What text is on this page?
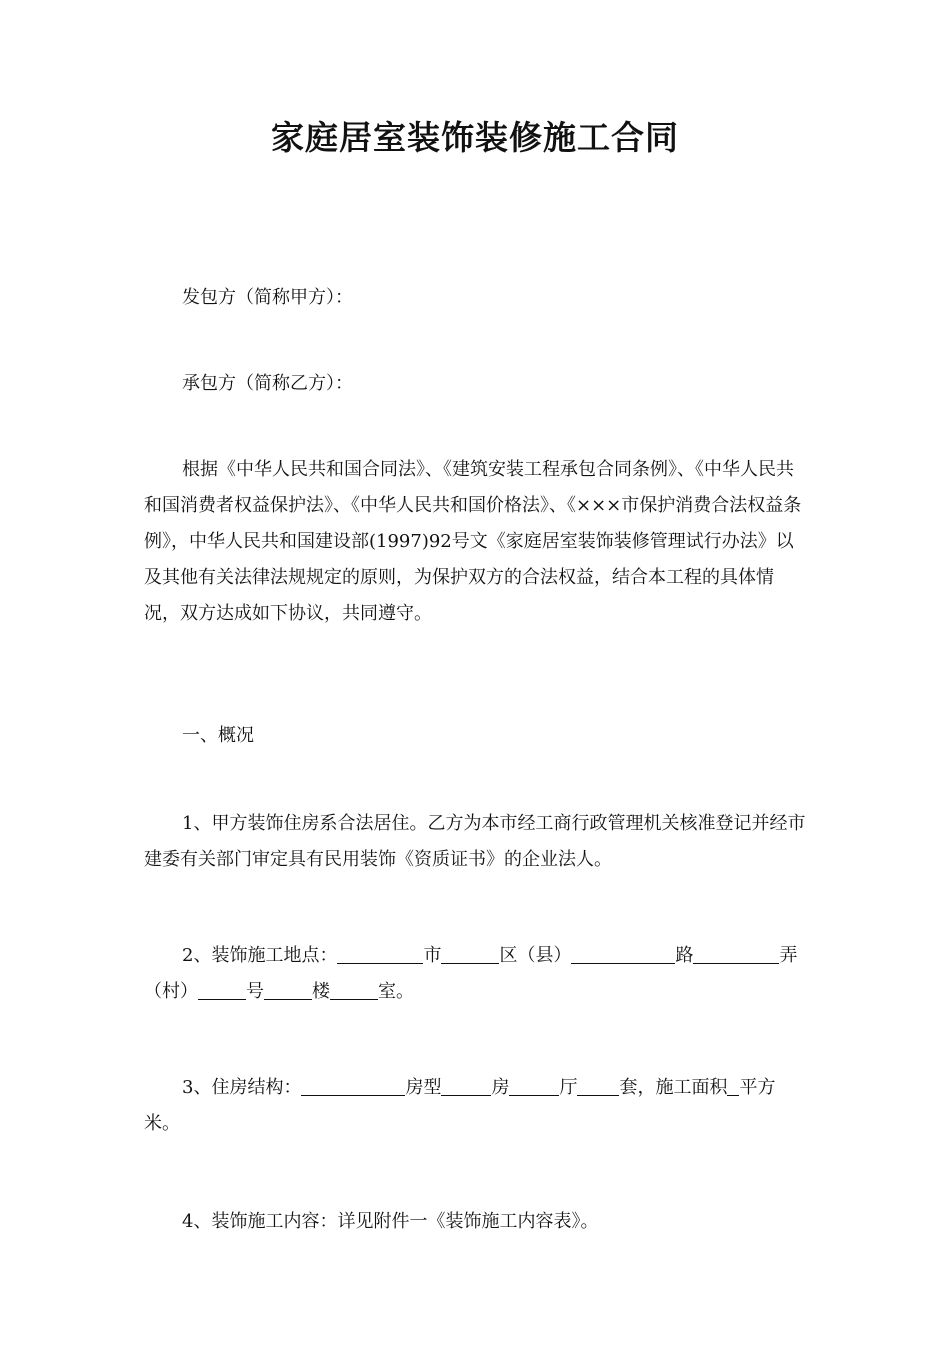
家庭居室装饰装修施工合同

发包方（简称甲方）：

承包方（简称乙方）：

根据《中华人民共和国合同法》、《建筑安装工程承包合同条例》、《中华人民共和国消费者权益保护法》、《中华人民共和国价格法》、《×××市保护消费合法权益条例》，中华人民共和国建设部(1997)92号文《家庭居室装饰装修管理试行办法》以及其他有关法律法规规定的原则，为保护双方的合法权益，结合本工程的具体情况，双方达成如下协议，共同遵守。

一、概况

1、甲方装饰住房系合法居住。乙方为本市经工商行政管理机关核准登记并经市建委有关部门审定具有民用装饰《资质证书》的企业法人。

2、装饰施工地点：	市	区（县）	路	弄（村）	号	楼	室。

3、住房结构：	房型	房	厅 套，施工面积 平方米。

4、装饰施工内容：详见附件一《装饰施工内容表》。
